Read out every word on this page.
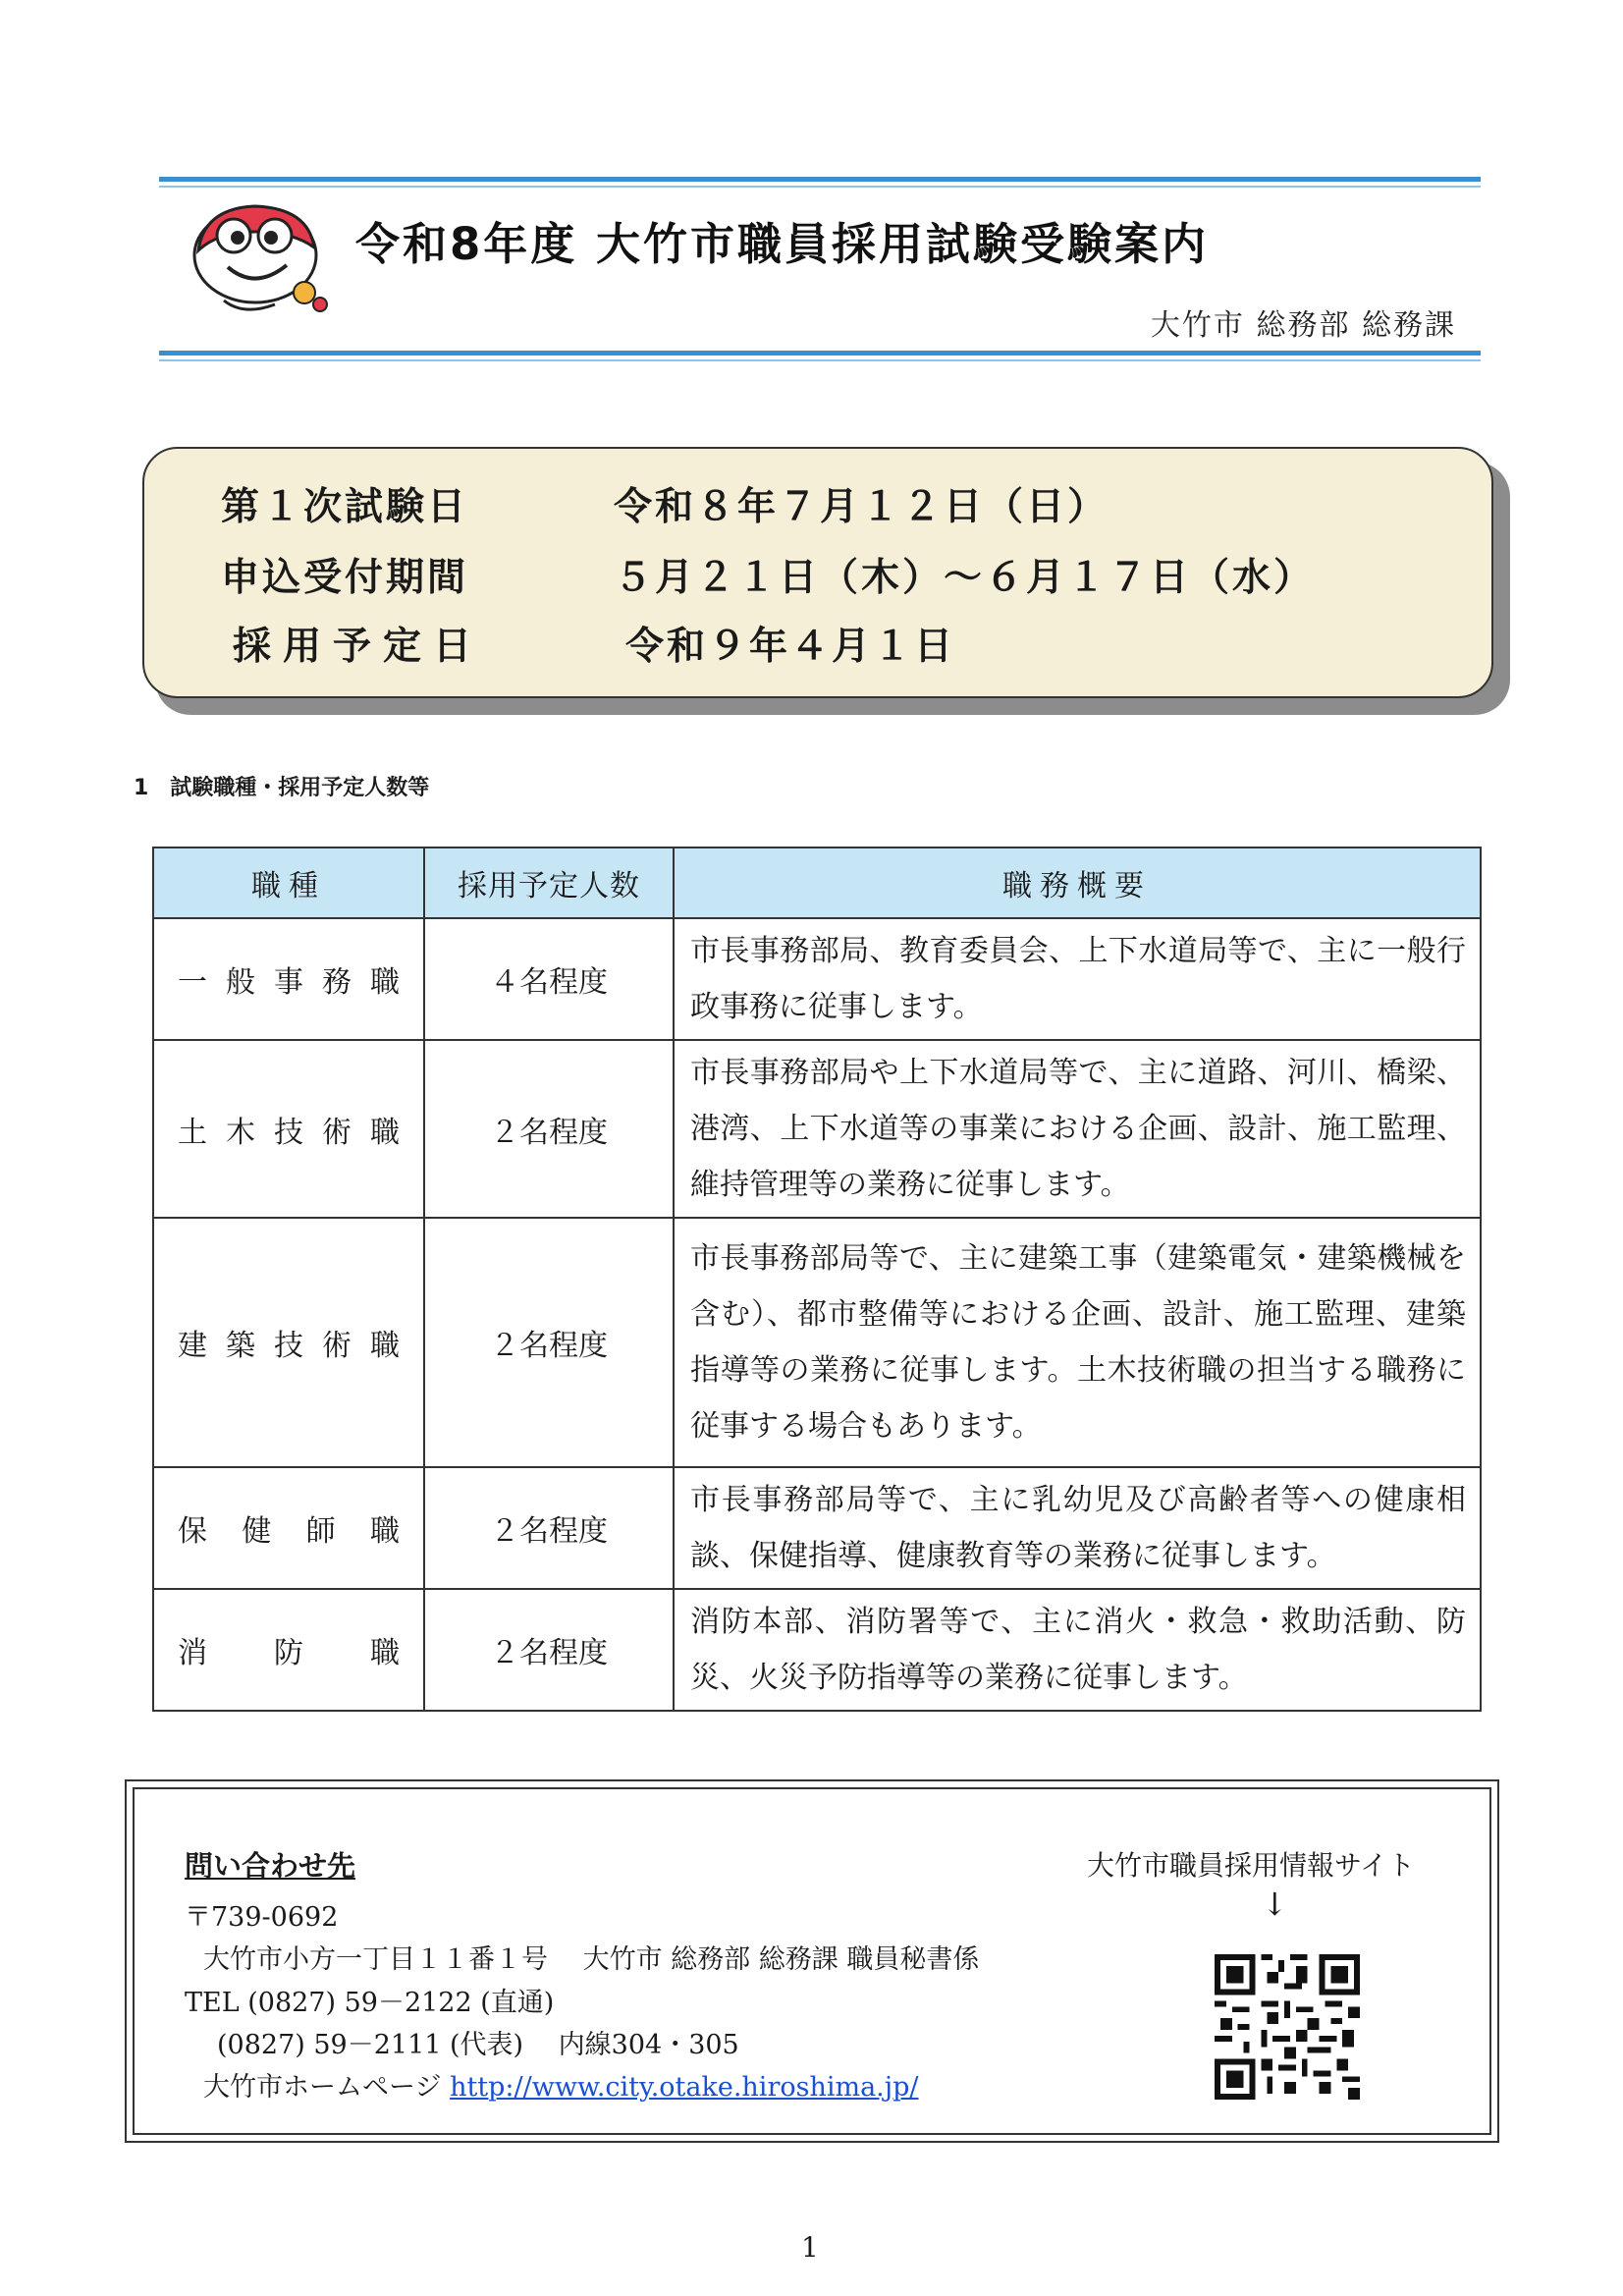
令和8年度 大竹市職員採用試験受験案内
大竹市 総務部 総務課
第１次試験日	令和８年７月１２日（日）
申込受付期間	５月２１日（木）～６月１７日（水）
採用予定日	令和９年４月１日
1　試験職種・採用予定人数等
職種	採用予定人数	職務概要
一般事務職	４名程度	市長事務部局、教育委員会、上下水道局等で、主に一般行政事務に従事します。
土木技術職	２名程度	市長事務部局や上下水道局等で、主に道路、河川、橋梁、港湾、上下水道等の事業における企画、設計、施工監理、維持管理等の業務に従事します。
建築技術職	２名程度	市長事務部局等で、主に建築工事（建築電気・建築機械を含む）、都市整備等における企画、設計、施工監理、建築指導等の業務に従事します。土木技術職の担当する職務に従事する場合もあります。
保健師職	２名程度	市長事務部局等で、主に乳幼児及び高齢者等への健康相談、保健指導、健康教育等の業務に従事します。
消防職	２名程度	消防本部、消防署等で、主に消火・救急・救助活動、防災、火災予防指導等の業務に従事します。
問い合わせ先
〒739-0692
大竹市小方一丁目１１番１号　 大竹市 総務部 総務課 職員秘書係
TEL (0827) 59－2122 (直通)
(0827) 59－2111 (代表)　 内線304・305
大竹市ホームページ http://www.city.otake.hiroshima.jp/
大竹市職員採用情報サイト
↓
1
